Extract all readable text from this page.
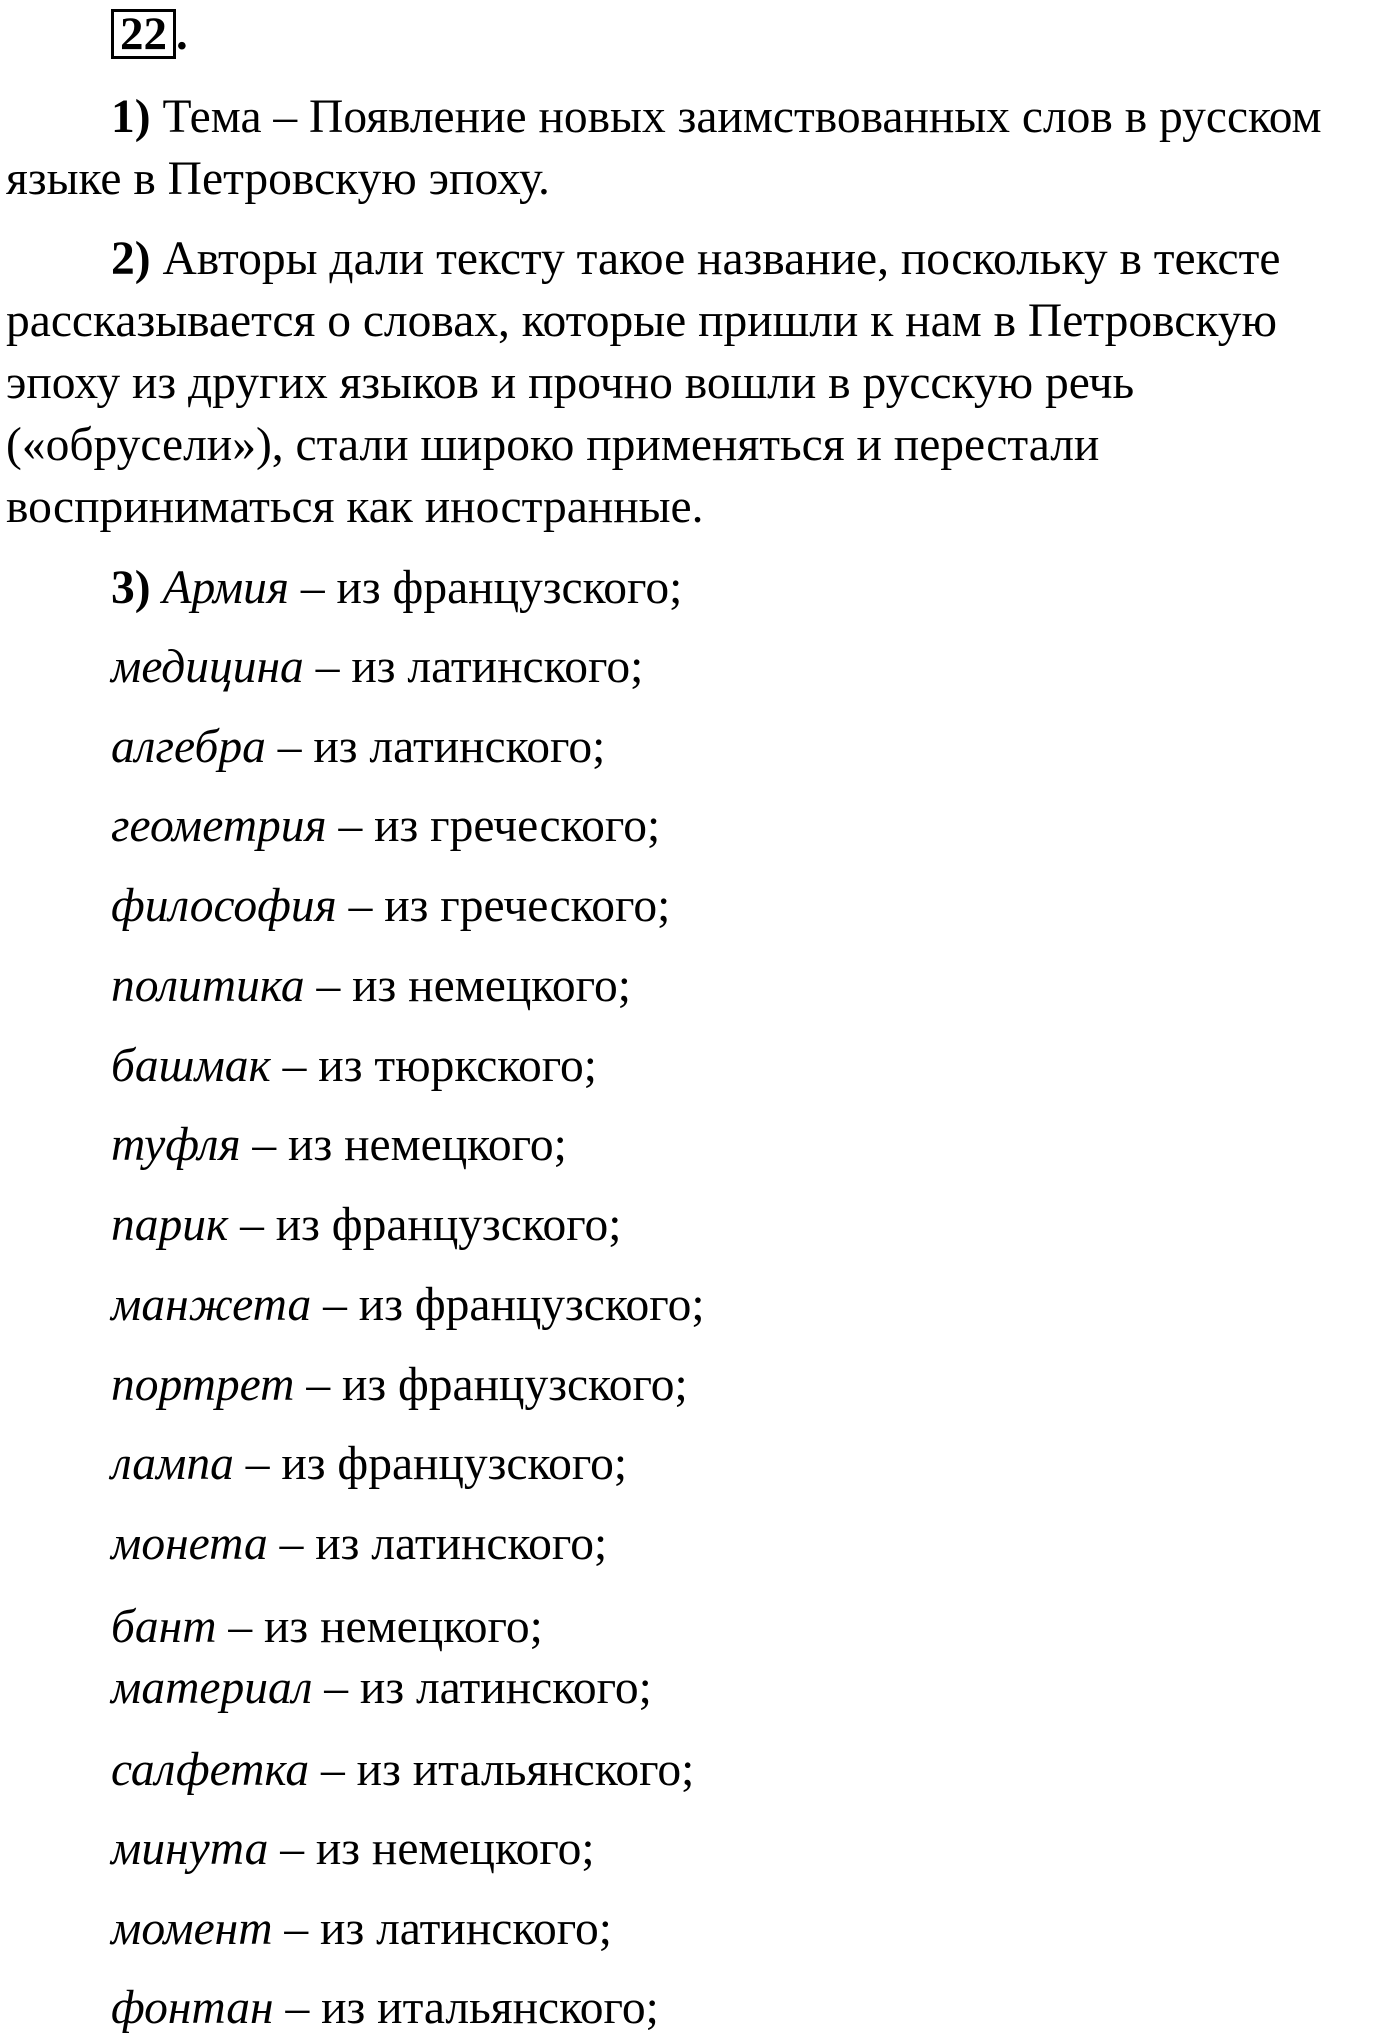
22 .

1) Тема – Появление новых заимствованных слов в русском языке в Петровскую эпоху.

2) Авторы дали тексту такое название, поскольку в тексте рассказывается о словах, которые пришли к нам в Петровскую эпоху из других языков и прочно вошли в русскую речь («обрусели»), стали широко применяться и перестали восприниматься как иностранные.

3) Армия – из французского;

медицина – из латинского;
алгебра – из латинского;
геометрия – из греческого;
философия – из греческого;
политика – из немецкого;
башмак – из тюркского;
туфля – из немецкого;
парик – из французского;
манжета – из французского;
портрет – из французского;
лампа – из французского;
монета – из латинского;
бант – из немецкого;
материал – из латинского;
салфетка – из итальянского;
минута – из немецкого;
момент – из латинского;
фонтан – из итальянского;
